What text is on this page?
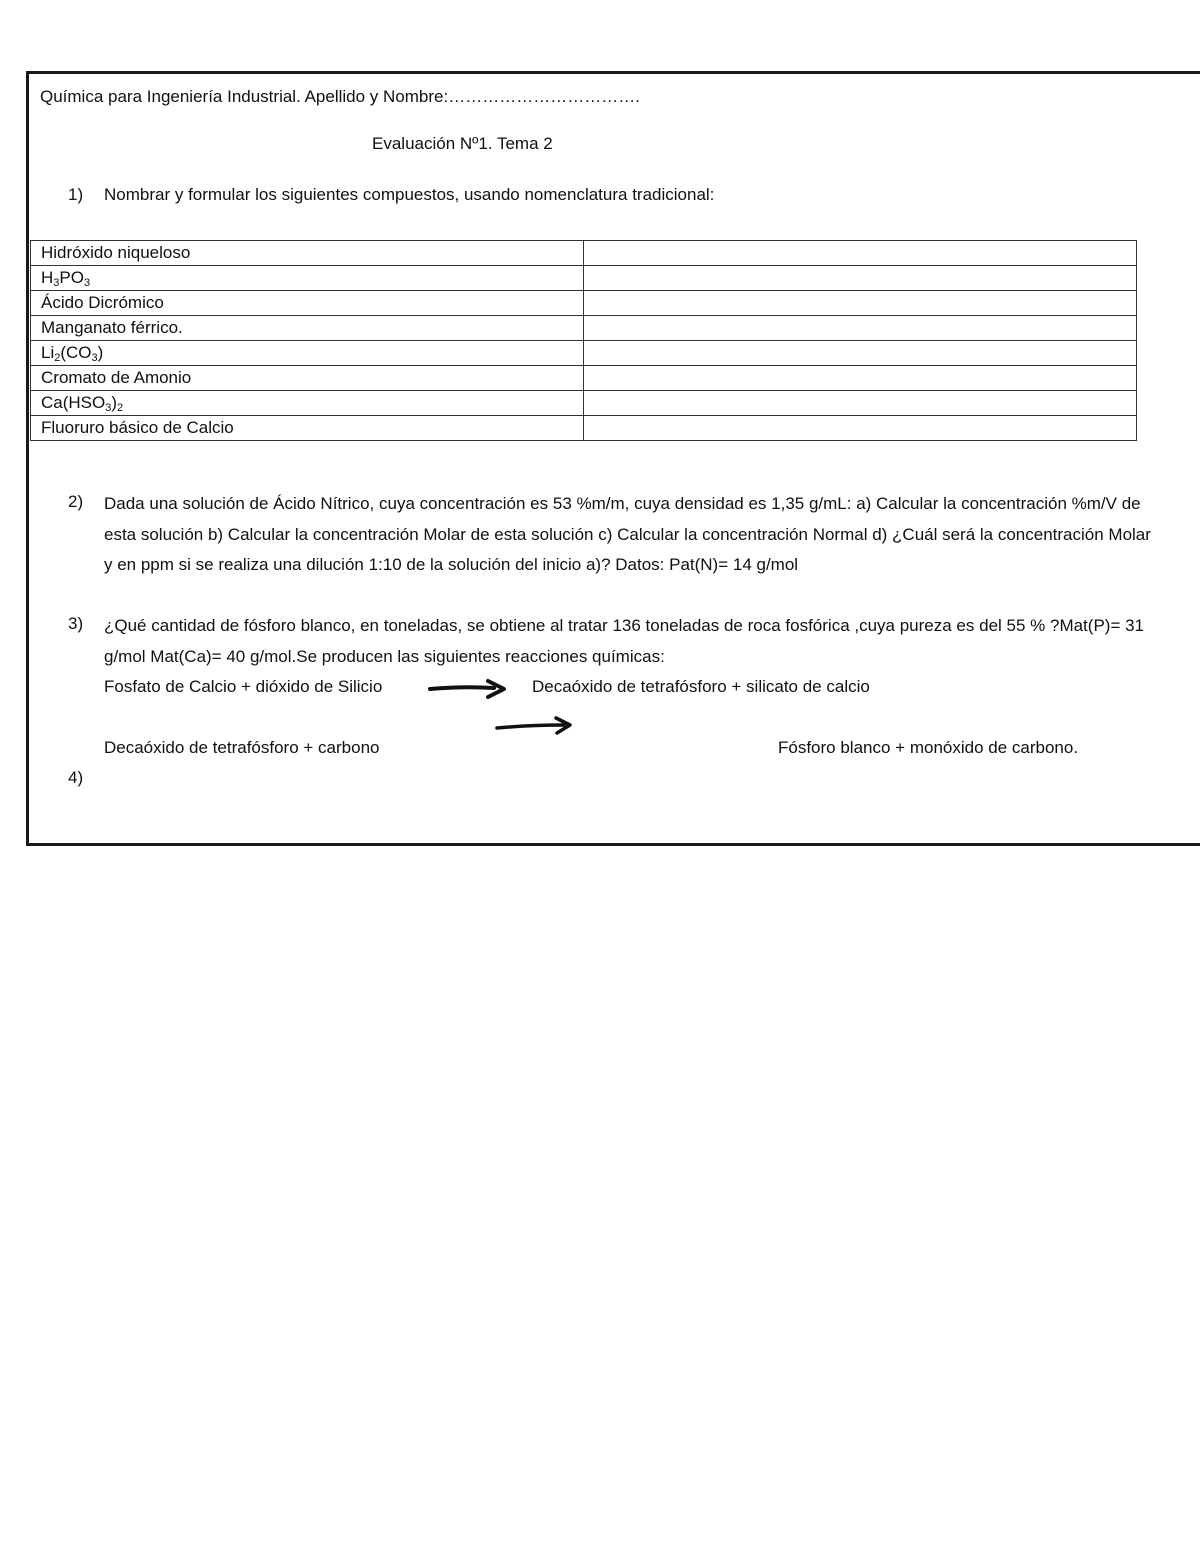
Química para Ingeniería Industrial. Apellido y Nombre:…………………………….
Evaluación Nº1. Tema 2
1) Nombrar y formular los siguientes compuestos, usando nomenclatura tradicional:
Hidróxido niqueloso	
$H_3PO_3$	
Ácido Dicrómico	
Manganato férrico.	
$Li_2(CO_3)$	
Cromato de Amonio	
$Ca(HSO_3)_2$	
Fluoruro básico de Calcio	
2) Dada una solución de Ácido Nítrico, cuya concentración es 53 %m/m, cuya densidad es 1,35 g/mL: a) Calcular la concentración %m/V de esta solución b) Calcular la concentración Molar de esta solución c) Calcular la concentración Normal d) ¿Cuál será la concentración Molar y en ppm si se realiza una dilución 1:10 de la solución del inicio a)? Datos: Pat(N)= 14 g/mol
3) ¿Qué cantidad de fósforo blanco, en toneladas, se obtiene al tratar 136 toneladas de roca fosfórica ,cuya pureza es del 55 % ?Mat(P)= 31 g/mol Mat(Ca)= 40 g/mol.Se producen las siguientes reacciones químicas:
Fosfato de Calcio + dióxido de Silicio	Decaóxido de tetrafósforo + silicato de calcio
Decaóxido de tetrafósforo + carbono	Fósforo blanco + monóxido de carbono.
4)
